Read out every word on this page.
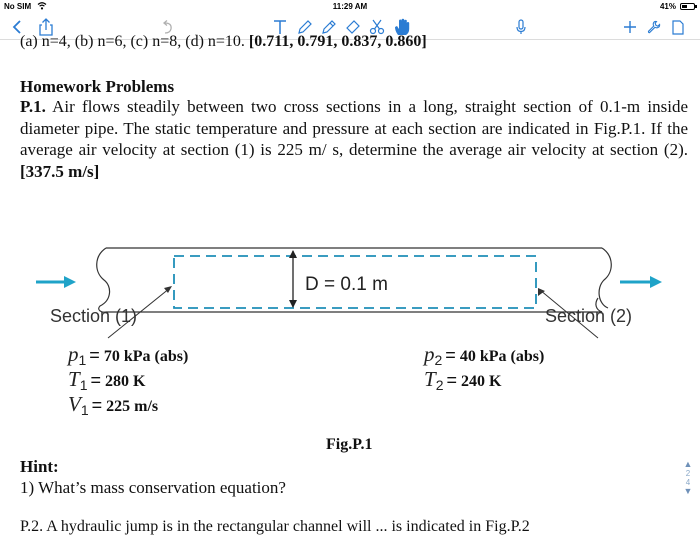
No SIM	11:29 AM	41%
(a) n=4, (b) n=6, (c) n=8, (d) n=10. [0.711, 0.791, 0.837, 0.860]
Homework Problems
P.1. Air flows steadily between two cross sections in a long, straight section of 0.1-m inside diameter pipe. The static temperature and pressure at each section are indicated in Fig.P.1. If the average air velocity at section (1) is 225 m/ s, determine the average air velocity at section (2). [337.5 m/s]
D = 0.1 m
Section (1)	Section (2)
p1 = 70 kPa (abs)
T1 = 280 K
V1 = 225 m/s
p2 = 40 kPa (abs)
T2 = 240 K
Fig.P.1
Hint:
1) What’s mass conservation equation?
P.2. A hydraulic jump is in the rectangular channel will ... is indicated in Fig.P.2
▲
2
4
▼
